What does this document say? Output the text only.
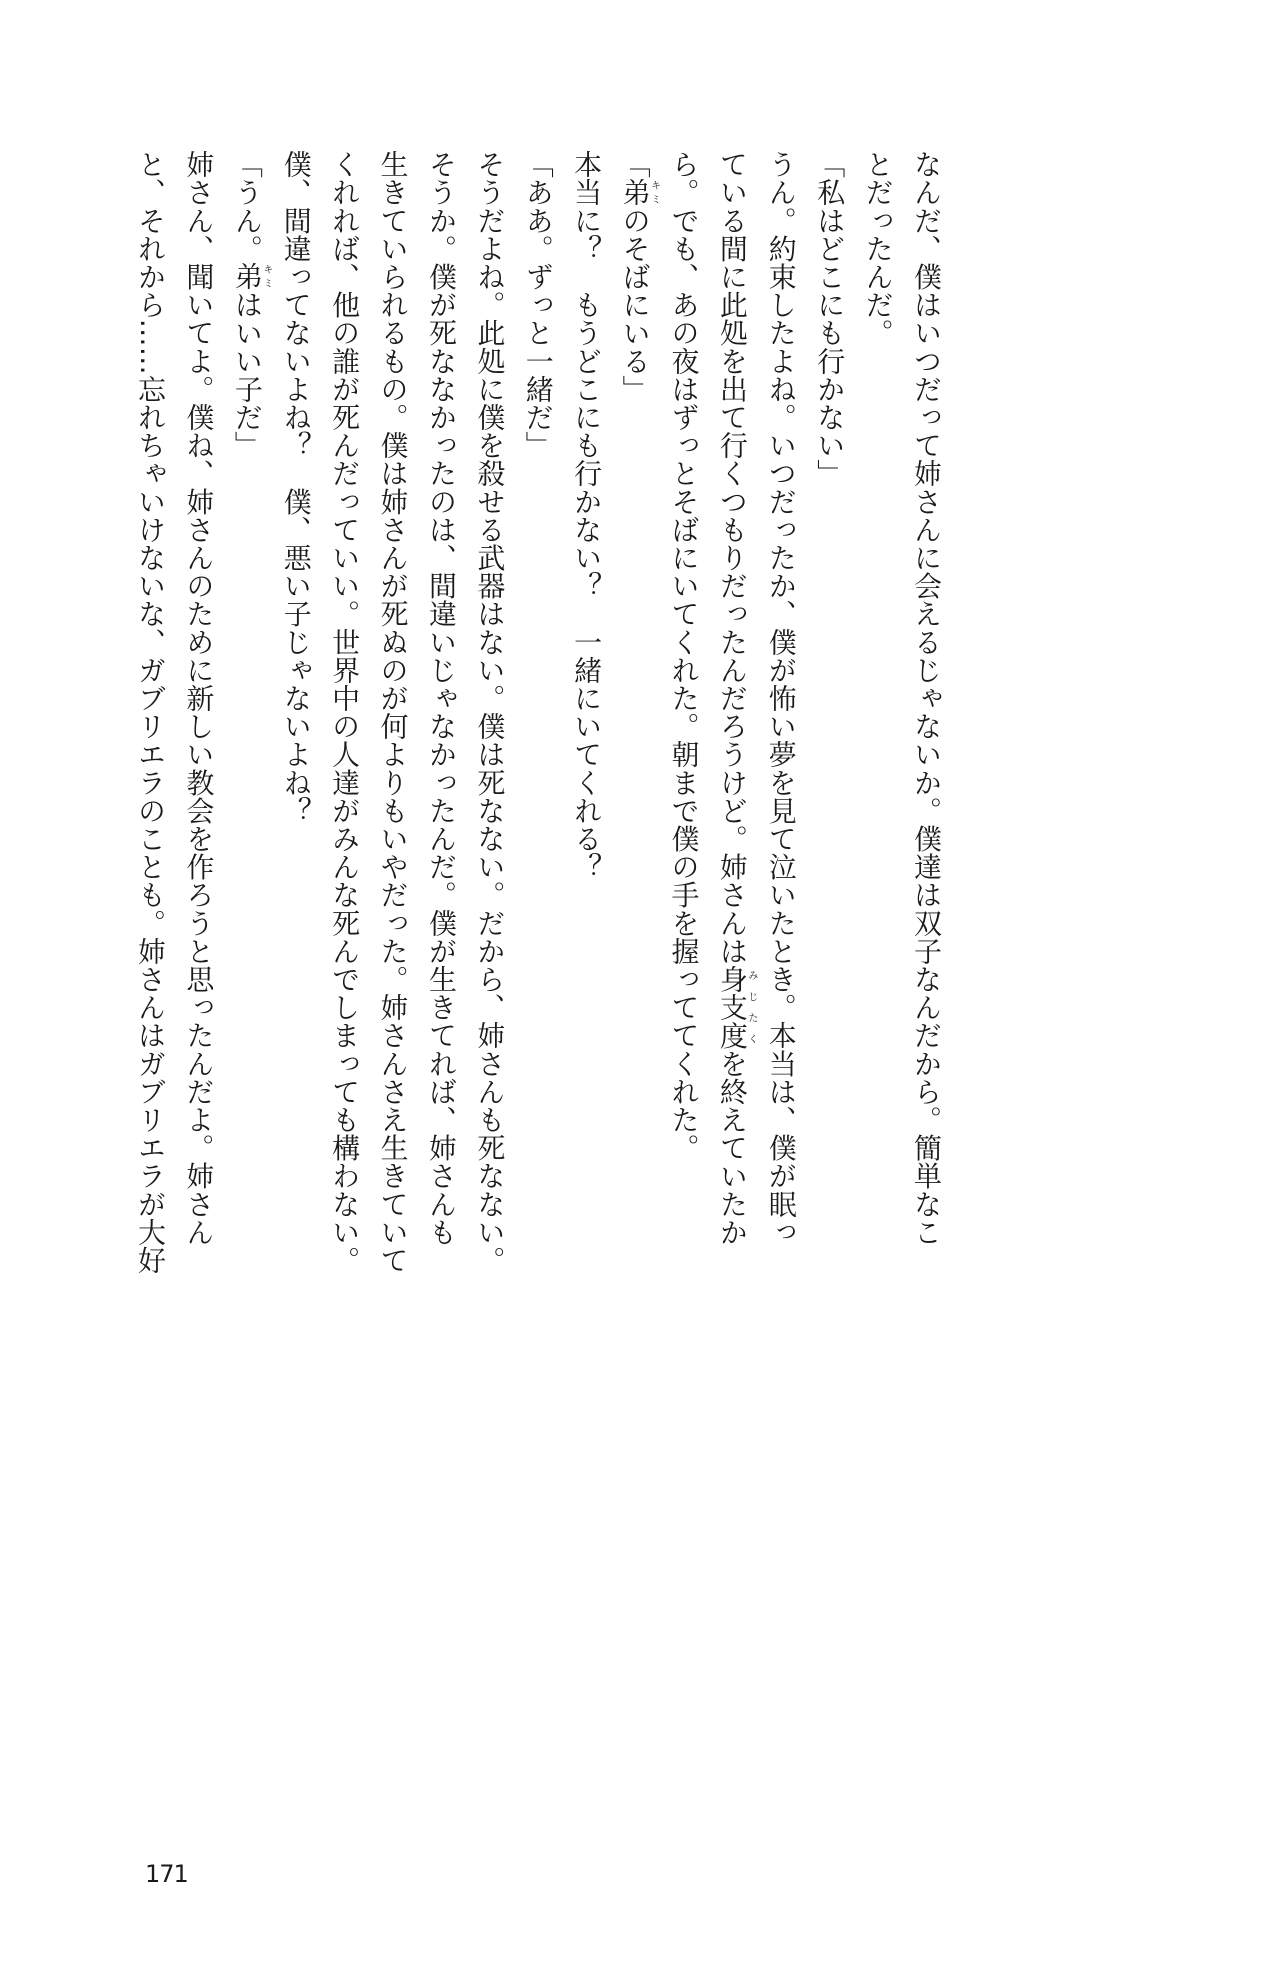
なんだ、僕はいつだって姉さんに会えるじゃないか。僕達は双子なんだから。簡単なこ
とだったんだ。
「私はどこにも行かない」
うん。約束したよね。いつだったか、僕が怖い夢を見て泣いたとき。本当は、僕が眠っ
ている間に此処を出て行くつもりだったんだろうけど。姉さんは身支度みじたくを終えていたか
ら。でも、あの夜はずっとそばにいてくれた。朝まで僕の手を握っててくれた。
「弟キミのそばにいる」
本当に？　もうどこにも行かない？　一緒にいてくれる？
「ああ。ずっと一緒だ」
そうだよね。此処に僕を殺せる武器はない。僕は死なない。だから、姉さんも死なない。
そうか。僕が死ななかったのは、間違いじゃなかったんだ。僕が生きてれば、姉さんも
生きていられるもの。僕は姉さんが死ぬのが何よりもいやだった。姉さんさえ生きていて
くれれば、他の誰が死んだっていい。世界中の人達がみんな死んでしまっても構わない。
僕、間違ってないよね？　僕、悪い子じゃないよね？
「うん。弟キミはいい子だ」
姉さん、聞いてよ。僕ね、姉さんのために新しい教会を作ろうと思ったんだよ。姉さん
と、それから……忘れちゃいけないな、ガブリエラのことも。姉さんはガブリエラが大好
171
